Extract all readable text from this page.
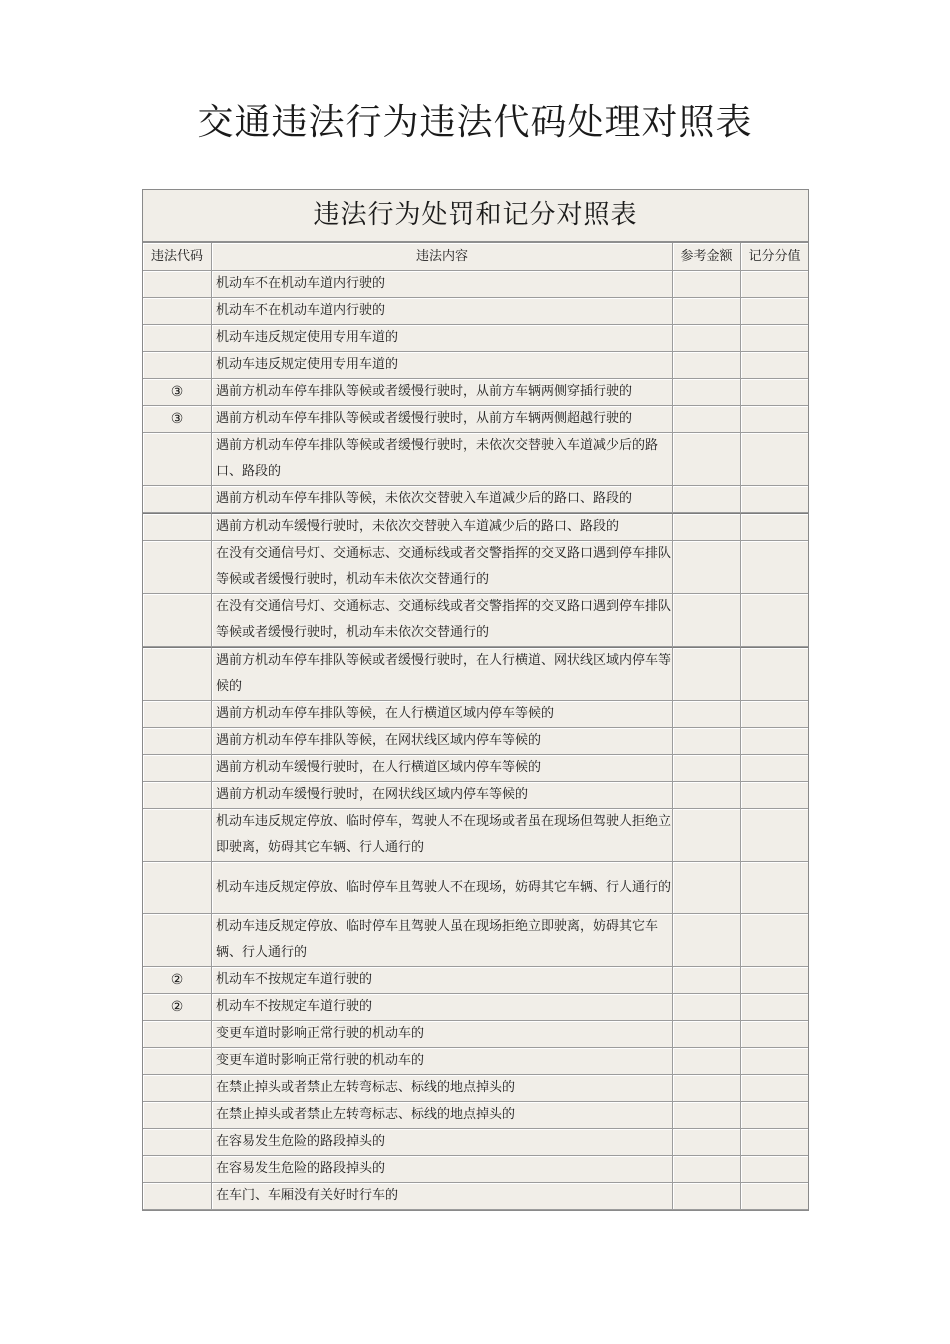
交通违法行为违法代码处理对照表
违法行为处罚和记分对照表
违法代码	违法内容	参考金额	记分分值
	机动车不在机动车道内行驶的		
	机动车不在机动车道内行驶的		
	机动车违反规定使用专用车道的		
	机动车违反规定使用专用车道的		
③	遇前方机动车停车排队等候或者缓慢行驶时，从前方车辆两侧穿插行驶的		
③	遇前方机动车停车排队等候或者缓慢行驶时，从前方车辆两侧超越行驶的		
	遇前方机动车停车排队等候或者缓慢行驶时，未依次交替驶入车道减少后的路口、路段的		
	遇前方机动车停车排队等候，未依次交替驶入车道减少后的路口、路段的		
	遇前方机动车缓慢行驶时，未依次交替驶入车道减少后的路口、路段的		
	在没有交通信号灯、交通标志、交通标线或者交警指挥的交叉路口遇到停车排队等候或者缓慢行驶时，机动车未依次交替通行的		
	在没有交通信号灯、交通标志、交通标线或者交警指挥的交叉路口遇到停车排队等候或者缓慢行驶时，机动车未依次交替通行的		
	遇前方机动车停车排队等候或者缓慢行驶时，在人行横道、网状线区域内停车等候的		
	遇前方机动车停车排队等候，在人行横道区域内停车等候的		
	遇前方机动车停车排队等候，在网状线区域内停车等候的		
	遇前方机动车缓慢行驶时，在人行横道区域内停车等候的		
	遇前方机动车缓慢行驶时，在网状线区域内停车等候的		
	机动车违反规定停放、临时停车，驾驶人不在现场或者虽在现场但驾驶人拒绝立即驶离，妨碍其它车辆、行人通行的		
	机动车违反规定停放、临时停车且驾驶人不在现场，妨碍其它车辆、行人通行的		
	机动车违反规定停放、临时停车且驾驶人虽在现场拒绝立即驶离，妨碍其它车辆、行人通行的		
②	机动车不按规定车道行驶的		
②	机动车不按规定车道行驶的		
	变更车道时影响正常行驶的机动车的		
	变更车道时影响正常行驶的机动车的		
	在禁止掉头或者禁止左转弯标志、标线的地点掉头的		
	在禁止掉头或者禁止左转弯标志、标线的地点掉头的		
	在容易发生危险的路段掉头的		
	在容易发生危险的路段掉头的		
	在车门、车厢没有关好时行车的		
